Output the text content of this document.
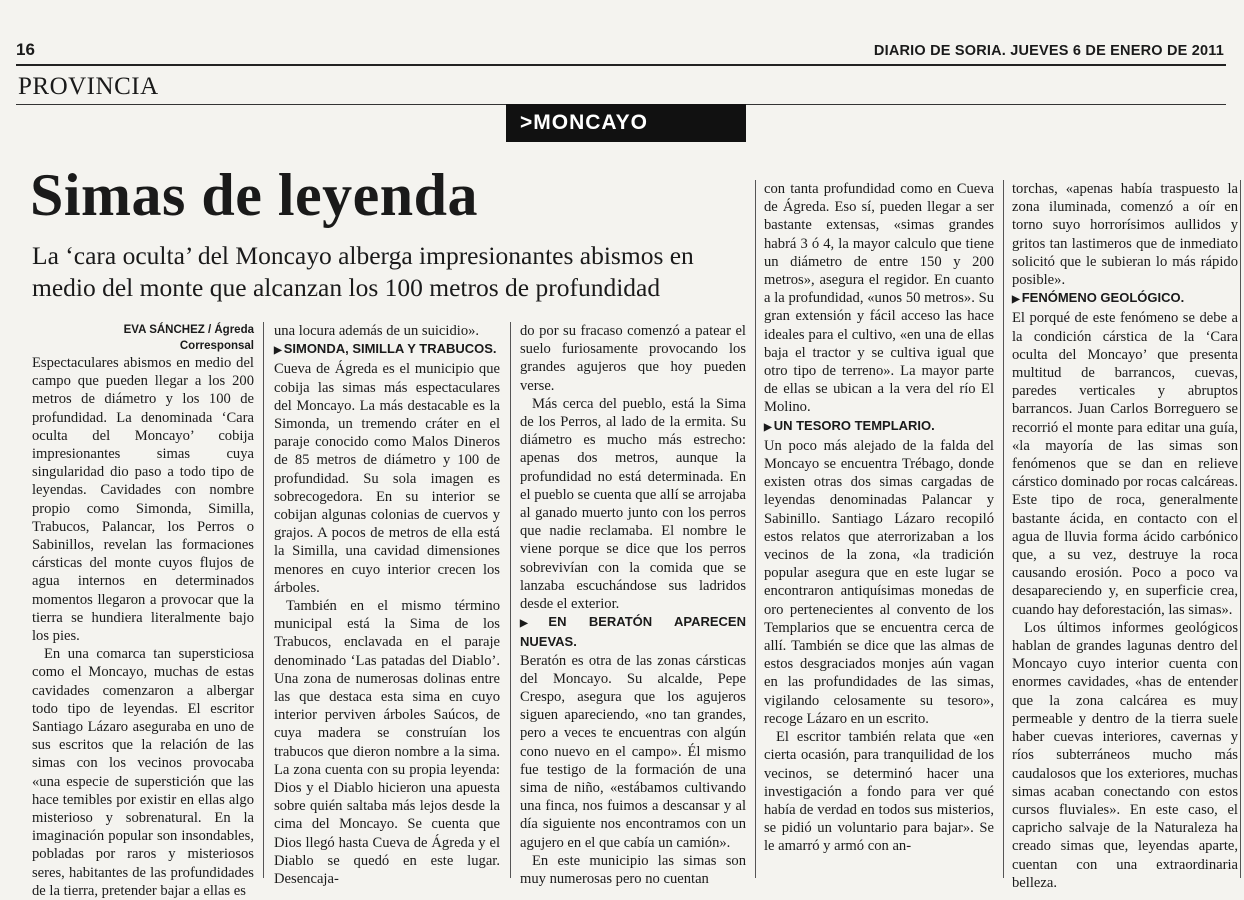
16	DIARIO DE SORIA. JUEVES 6 DE ENERO DE 2011
PROVINCIA
>MONCAYO
Simas de leyenda
La ‘cara oculta’ del Moncayo alberga impresionantes abismos en medio del monte que alcanzan los 100 metros de profundidad

EVA SÁNCHEZ / Ágreda

Corresponsal

Espectaculares abismos en medio del campo que pueden llegar a los 200 metros de diámetro y los 100 de profundidad. La denominada ‘Cara oculta del Moncayo’ cobija impresionantes simas cuya singularidad dio paso a todo tipo de leyendas. Cavidades con nombre propio como Simonda, Similla, Trabucos, Palancar, los Perros o Sabinillos, revelan las formaciones cársticas del monte cuyos flujos de agua internos en determinados momentos llegaron a provocar que la tierra se hundiera literalmente bajo los pies.

En una comarca tan supersticiosa como el Moncayo, muchas de estas cavidades comenzaron a albergar todo tipo de leyendas. El escritor Santiago Lázaro aseguraba en uno de sus escritos que la relación de las simas con los vecinos provocaba «una especie de superstición que las hace temibles por existir en ellas algo misterioso y sobrenatural. En la imaginación popular son insondables, pobladas por raros y misteriosos seres, habitantes de las profundidades de la tierra, pretender bajar a ellas es

una locura además de un suicidio».

▶ SIMONDA, SIMILLA Y TRABUCOS.

Cueva de Ágreda es el municipio que cobija las simas más espectaculares del Moncayo. La más destacable es la Simonda, un tremendo cráter en el paraje conocido como Malos Dineros de 85 metros de diámetro y 100 de profundidad. Su sola imagen es sobrecogedora. En su interior se cobijan algunas colonias de cuervos y grajos. A pocos de metros de ella está la Similla, una cavidad dimensiones menores en cuyo interior crecen los árboles.

También en el mismo término municipal está la Sima de los Trabucos, enclavada en el paraje denominado ‘Las patadas del Diablo’. Una zona de numerosas dolinas entre las que destaca esta sima en cuyo interior perviven árboles Saúcos, de cuya madera se construían los trabucos que dieron nombre a la sima. La zona cuenta con su propia leyenda: Dios y el Diablo hicieron una apuesta sobre quién saltaba más lejos desde la cima del Moncayo. Se cuenta que Dios llegó hasta Cueva de Ágreda y el Diablo se quedó en este lugar. Desencaja-

do por su fracaso comenzó a patear el suelo furiosamente provocando los grandes agujeros que hoy pueden verse.

Más cerca del pueblo, está la Sima de los Perros, al lado de la ermita. Su diámetro es mucho más estrecho: apenas dos metros, aunque la profundidad no está determinada. En el pueblo se cuenta que allí se arrojaba al ganado muerto junto con los perros que nadie reclamaba. El nombre le viene porque se dice que los perros sobrevivían con la comida que se lanzaba escuchándose sus ladridos desde el exterior.

▶ EN BERATÓN APARECEN NUEVAS.

Beratón es otra de las zonas cársticas del Moncayo. Su alcalde, Pepe Crespo, asegura que los agujeros siguen apareciendo, «no tan grandes, pero a veces te encuentras con algún cono nuevo en el campo». Él mismo fue testigo de la formación de una sima de niño, «estábamos cultivando una finca, nos fuimos a descansar y al día siguiente nos encontramos con un agujero en el que cabía un camión».

En este municipio las simas son muy numerosas pero no cuentan

con tanta profundidad como en Cueva de Ágreda. Eso sí, pueden llegar a ser bastante extensas, «simas grandes habrá 3 ó 4, la mayor calculo que tiene un diámetro de entre 150 y 200 metros», asegura el regidor. En cuanto a la profundidad, «unos 50 metros». Su gran extensión y fácil acceso las hace ideales para el cultivo, «en una de ellas baja el tractor y se cultiva igual que otro tipo de terreno». La mayor parte de ellas se ubican a la vera del río El Molino.

▶ UN TESORO TEMPLARIO.

Un poco más alejado de la falda del Moncayo se encuentra Trébago, donde existen otras dos simas cargadas de leyendas denominadas Palancar y Sabinillo. Santiago Lázaro recopiló estos relatos que aterrorizaban a los vecinos de la zona, «la tradición popular asegura que en este lugar se encontraron antiquísimas monedas de oro pertenecientes al convento de los Templarios que se encuentra cerca de allí. También se dice que las almas de estos desgraciados monjes aún vagan en las profundidades de las simas, vigilando celosamente su tesoro», recoge Lázaro en un escrito.

El escritor también relata que «en cierta ocasión, para tranquilidad de los vecinos, se determinó hacer una investigación a fondo para ver qué había de verdad en todos sus misterios, se pidió un voluntario para bajar». Se le amarró y armó con an-

torchas, «apenas había traspuesto la zona iluminada, comenzó a oír en torno suyo horrorísimos aullidos y gritos tan lastimeros que de inmediato solicitó que le subieran lo más rápido posible».

▶ FENÓMENO GEOLÓGICO.

El porqué de este fenómeno se debe a la condición cárstica de la ‘Cara oculta del Moncayo’ que presenta multitud de barrancos, cuevas, paredes verticales y abruptos barrancos. Juan Carlos Borreguero se recorrió el monte para editar una guía, «la mayoría de las simas son fenómenos que se dan en relieve cárstico dominado por rocas calcáreas. Este tipo de roca, generalmente bastante ácida, en contacto con el agua de lluvia forma ácido carbónico que, a su vez, destruye la roca causando erosión. Poco a poco va desapareciendo y, en superficie crea, cuando hay deforestación, las simas».

Los últimos informes geológicos hablan de grandes lagunas dentro del Moncayo cuyo interior cuenta con enormes cavidades, «has de entender que la zona calcárea es muy permeable y dentro de la tierra suele haber cuevas interiores, cavernas y ríos subterráneos mucho más caudalosos que los exteriores, muchas simas acaban conectando con estos cursos fluviales». En este caso, el capricho salvaje de la Naturaleza ha creado simas que, leyendas aparte, cuentan con una extraordinaria belleza.
